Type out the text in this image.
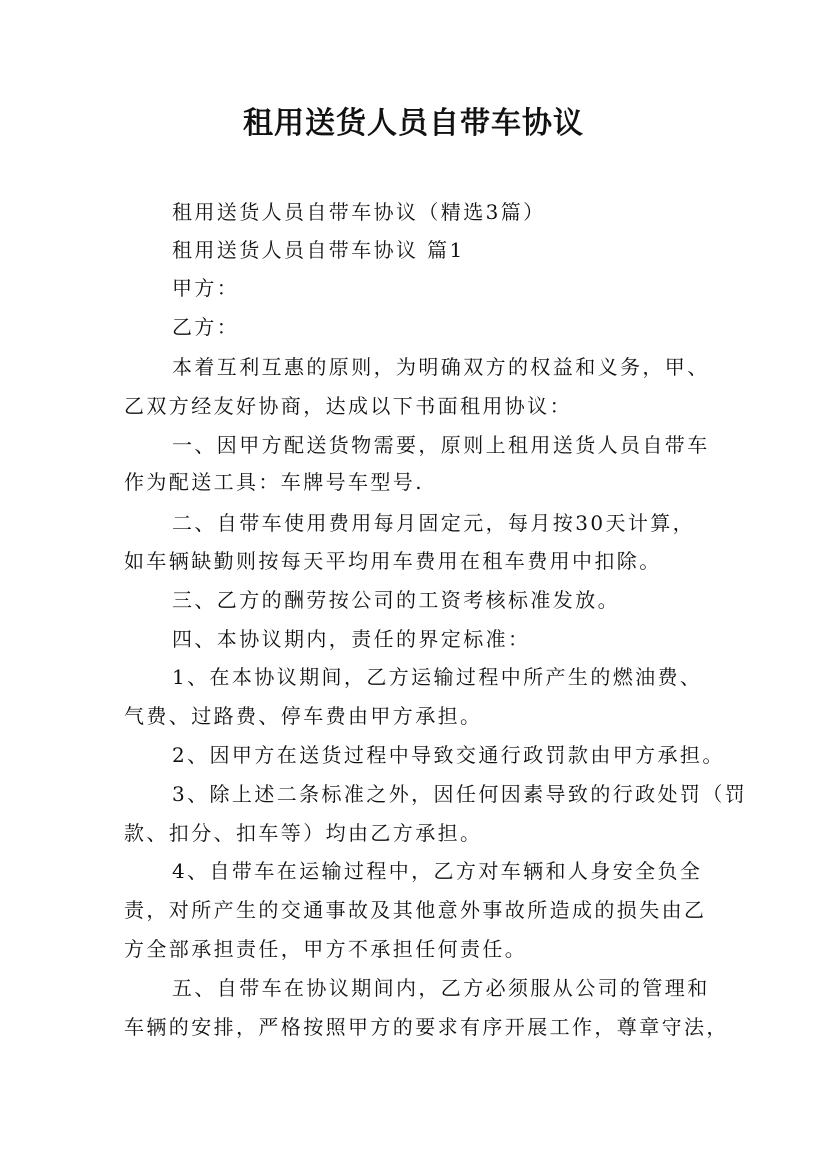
租用送货人员自带车协议
租用送货人员自带车协议（精选3篇）
租用送货人员自带车协议 篇1
甲方：
乙方：
本着互利互惠的原则，为明确双方的权益和义务，甲、
乙双方经友好协商，达成以下书面租用协议：
一、因甲方配送货物需要，原则上租用送货人员自带车
作为配送工具：车牌号车型号.
二、自带车使用费用每月固定元，每月按30天计算，
如车辆缺勤则按每天平均用车费用在租车费用中扣除。
三、乙方的酬劳按公司的工资考核标准发放。
四、本协议期内，责任的界定标准：
1、在本协议期间，乙方运输过程中所产生的燃油费、
气费、过路费、停车费由甲方承担。
2、因甲方在送货过程中导致交通行政罚款由甲方承担。
3、除上述二条标准之外，因任何因素导致的行政处罚（罚
款、扣分、扣车等）均由乙方承担。
4、自带车在运输过程中，乙方对车辆和人身安全负全
责，对所产生的交通事故及其他意外事故所造成的损失由乙
方全部承担责任，甲方不承担任何责任。
五、自带车在协议期间内，乙方必须服从公司的管理和
车辆的安排，严格按照甲方的要求有序开展工作，尊章守法，
